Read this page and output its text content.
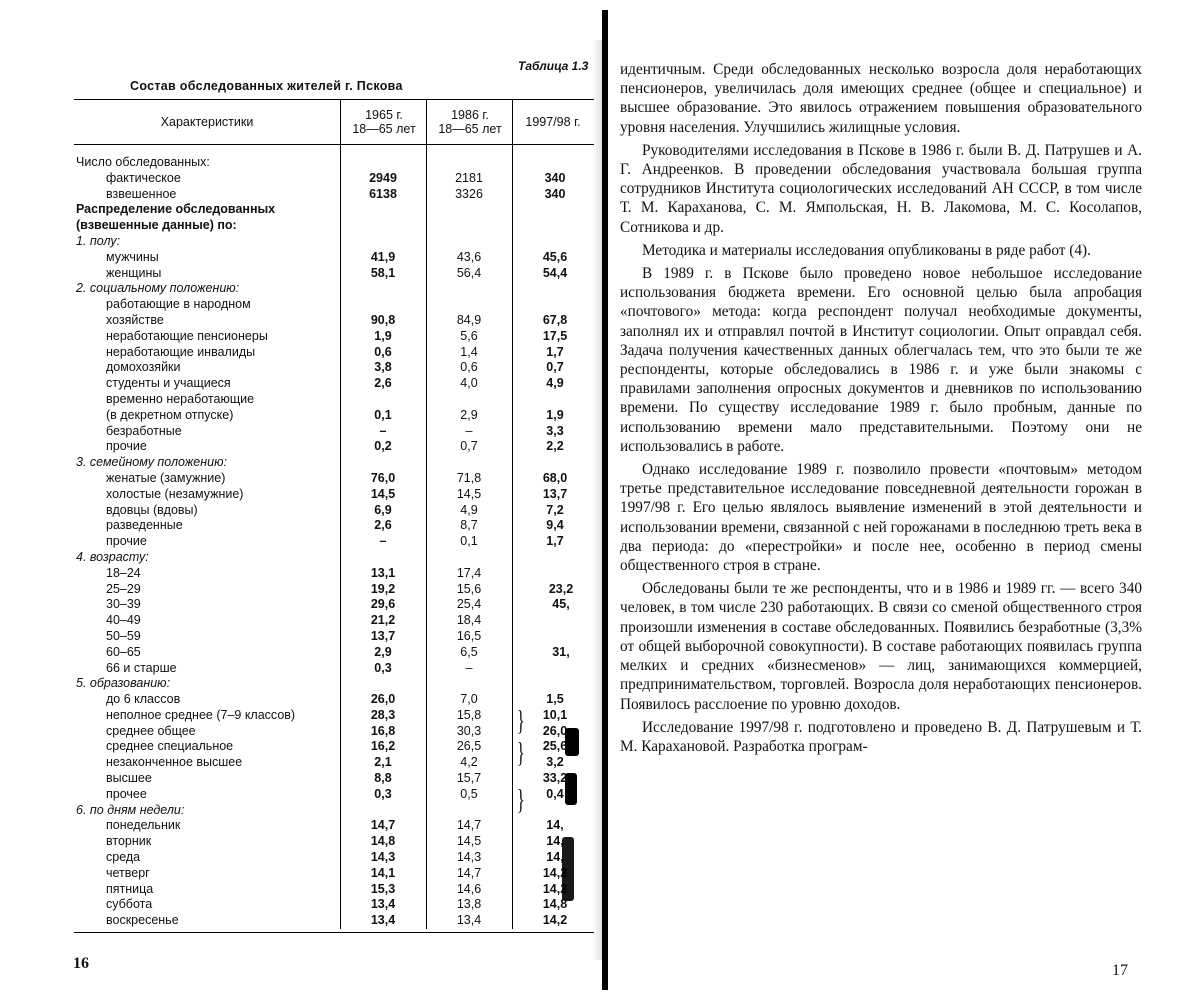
Таблица 1.3
Состав обследованных жителей г. Пскова
Характеристики	1965 г.
18—65 лет
1986 г.
18—65 лет 1997/98 г.
Число обследованных:
фактическое	2949	2181	340
взвешенное	6138	3326	340
Распределение обследованных
(взвешенные данные) по:
1. полу:
мужчины	41,9	43,6	45,6
женщины	58,1	56,4	54,4
2. социальному положению:
работающие в народном
хозяйстве	90,8	84,9	67,8
неработающие пенсионеры	1,9	5,6	17,5
неработающие инвалиды	0,6	1,4	1,7
домохозяйки	3,8	0,6	0,7
студенты и учащиеся	2,6	4,0	4,9
временно неработающие
(в декретном отпуске)	0,1	2,9	1,9
безработные	–	–	3,3
прочие	0,2	0,7	2,2
3. семейному положению:
женатые (замужние)	76,0	71,8	68,0
холостые (незамужние)	14,5	14,5	13,7
вдовцы (вдовы)	6,9	4,9	7,2
разведенные	2,6	8,7	9,4
прочие	–	0,1	1,7
4. возрасту:
18–24	13,1	17,4
25–29	19,2	15,6	23,2
30–39	29,6	25,4	45,
40–49	21,2	18,4
50–59	13,7	16,5
60–65	2,9	6,5	31,
66 и старше	0,3	–
5. образованию:
до 6 классов	26,0	7,0	1,5
неполное среднее (7–9 классов)	28,3	15,8	10,1
среднее общее	16,8	30,3	26,0
среднее специальное	16,2	26,5	25,6
незаконченное высшее	2,1	4,2	3,2
высшее	8,8	15,7	33,2
прочее	0,3	0,5	0,4
6. по дням недели:
понедельник	14,7	14,7	14,
вторник	14,8	14,5	14,
среда	14,3	14,3	14,
четверг	14,1	14,7	14,2
пятница	15,3	14,6	14,2
суббота	13,4	13,8	14,8
воскресенье	13,4	13,4	14,2
}
}
}
16

идентичным. Среди обследованных несколько возросла доля неработающих пенсионеров, увеличилась доля имеющих среднее (общее и специальное) и высшее образование. Это явилось отражением повышения образовательного уровня населения. Улучшились жилищные условия.

Руководителями исследования в Пскове в 1986 г. были В. Д. Патрушев и А. Г. Андреенков. В проведении обследования участвовала большая группа сотрудников Института социологических исследований АН СССР, в том числе Т. М. Караханова, С. М. Ямпольская, Н. В. Лакомова, М. С. Косолапов, Сотникова и др.

Методика и материалы исследования опубликованы в ряде работ (4).

В 1989 г. в Пскове было проведено новое небольшое исследование использования бюджета времени. Его основной целью была апробация «почтового» метода: когда респондент получал необходимые документы, заполнял их и отправлял почтой в Институт социологии. Опыт оправдал себя. Задача получения качественных данных облегчалась тем, что это были те же респонденты, которые обследовались в 1986 г. и уже были знакомы с правилами заполнения опросных документов и дневников по использованию времени. По существу исследование 1989 г. было пробным, данные по использованию времени мало представительными. Поэтому они не использовались в работе.

Однако исследование 1989 г. позволило провести «почтовым» методом третье представительное исследование повседневной деятельности горожан в 1997/98 г. Его целью являлось выявление изменений в этой деятельности и использовании времени, связанной с ней горожанами в последнюю треть века в два периода: до «перестройки» и после нее, особенно в период смены общественного строя в стране.

Обследованы были те же респонденты, что и в 1986 и 1989 гг. — всего 340 человек, в том числе 230 работающих. В связи со сменой общественного строя произошли изменения в составе обследованных. Появились безработные (3,3% от общей выборочной совокупности). В составе работающих появилась группа мелких и средних «бизнесменов» — лиц, занимающихся коммерцией, предпринимательством, торговлей. Возросла доля неработающих пенсионеров. Появилось расслоение по уровню доходов.

Исследование 1997/98 г. подготовлено и проведено В. Д. Патрушевым и Т. М. Карахановой. Разработка програм-

17
